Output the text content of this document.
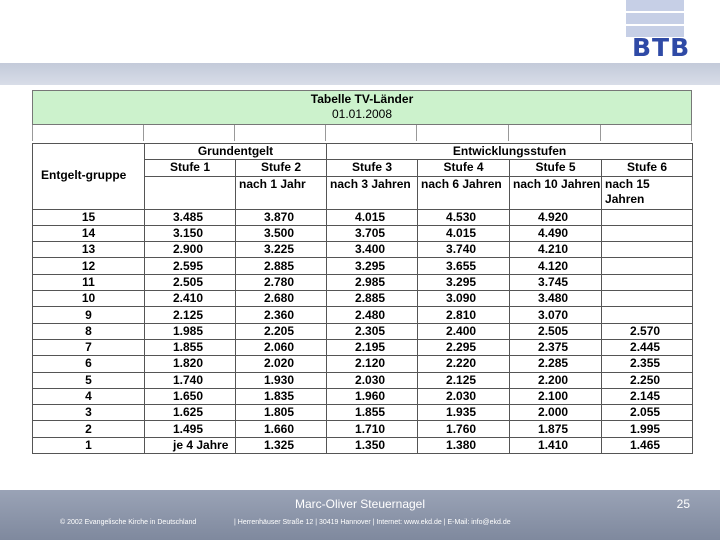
BTB
Tabelle TV-Länder
01.01.2008
Entgelt-gruppe	Grundentgelt		Entwicklungsstufen			
	Stufe 1	Stufe 2	Stufe 3	Stufe 4	Stufe 5	Stufe 6
		nach 1 Jahr	nach 3 Jahren	nach 6 Jahren	nach 10 Jahren	nach 15 Jahren
15	3.485	3.870	4.015	4.530	4.920	
14	3.150	3.500	3.705	4.015	4.490	
13	2.900	3.225	3.400	3.740	4.210	
12	2.595	2.885	3.295	3.655	4.120	
11	2.505	2.780	2.985	3.295	3.745	
10	2.410	2.680	2.885	3.090	3.480	
9	2.125	2.360	2.480	2.810	3.070	
8	1.985	2.205	2.305	2.400	2.505	2.570
7	1.855	2.060	2.195	2.295	2.375	2.445
6	1.820	2.020	2.120	2.220	2.285	2.355
5	1.740	1.930	2.030	2.125	2.200	2.250
4	1.650	1.835	1.960	2.030	2.100	2.145
3	1.625	1.805	1.855	1.935	2.000	2.055
2	1.495	1.660	1.710	1.760	1.875	1.995
1	je 4 Jahre	1.325	1.350	1.380	1.410	1.465
Marc-Oliver Steuernagel	25
© 2002 Evangelische Kirche in Deutschland	| Herrenhäuser Straße 12 | 30419 Hannover | Internet: www.ekd.de | E-Mail: info@ekd.de
